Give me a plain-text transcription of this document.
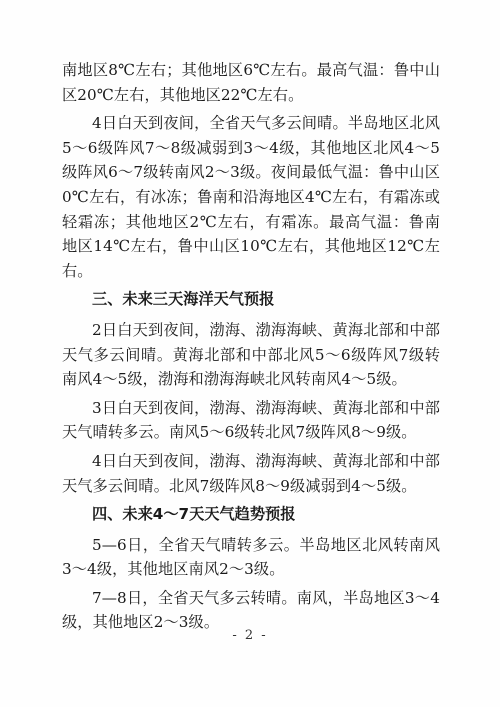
南地区8℃左右；其他地区6℃左右。最高气温：鲁中山区20℃左右，其他地区22℃左右。

4日白天到夜间，全省天气多云间晴。半岛地区北风5～6级阵风7～8级减弱到3～4级，其他地区北风4～5级阵风6～7级转南风2～3级。夜间最低气温：鲁中山区0℃左右，有冰冻；鲁南和沿海地区4℃左右，有霜冻或轻霜冻；其他地区2℃左右，有霜冻。最高气温：鲁南地区14℃左右，鲁中山区10℃左右，其他地区12℃左右。

三、未来三天海洋天气预报

2日白天到夜间，渤海、渤海海峡、黄海北部和中部天气多云间晴。黄海北部和中部北风5～6级阵风7级转南风4～5级，渤海和渤海海峡北风转南风4～5级。

3日白天到夜间，渤海、渤海海峡、黄海北部和中部天气晴转多云。南风5～6级转北风7级阵风8～9级。

4日白天到夜间，渤海、渤海海峡、黄海北部和中部天气多云间晴。北风7级阵风8～9级减弱到4～5级。

四、未来4～7天天气趋势预报

5—6日，全省天气晴转多云。半岛地区北风转南风3～4级，其他地区南风2～3级。

7—8日，全省天气多云转晴。南风，半岛地区3～4级，其他地区2～3级。

- 2 -
